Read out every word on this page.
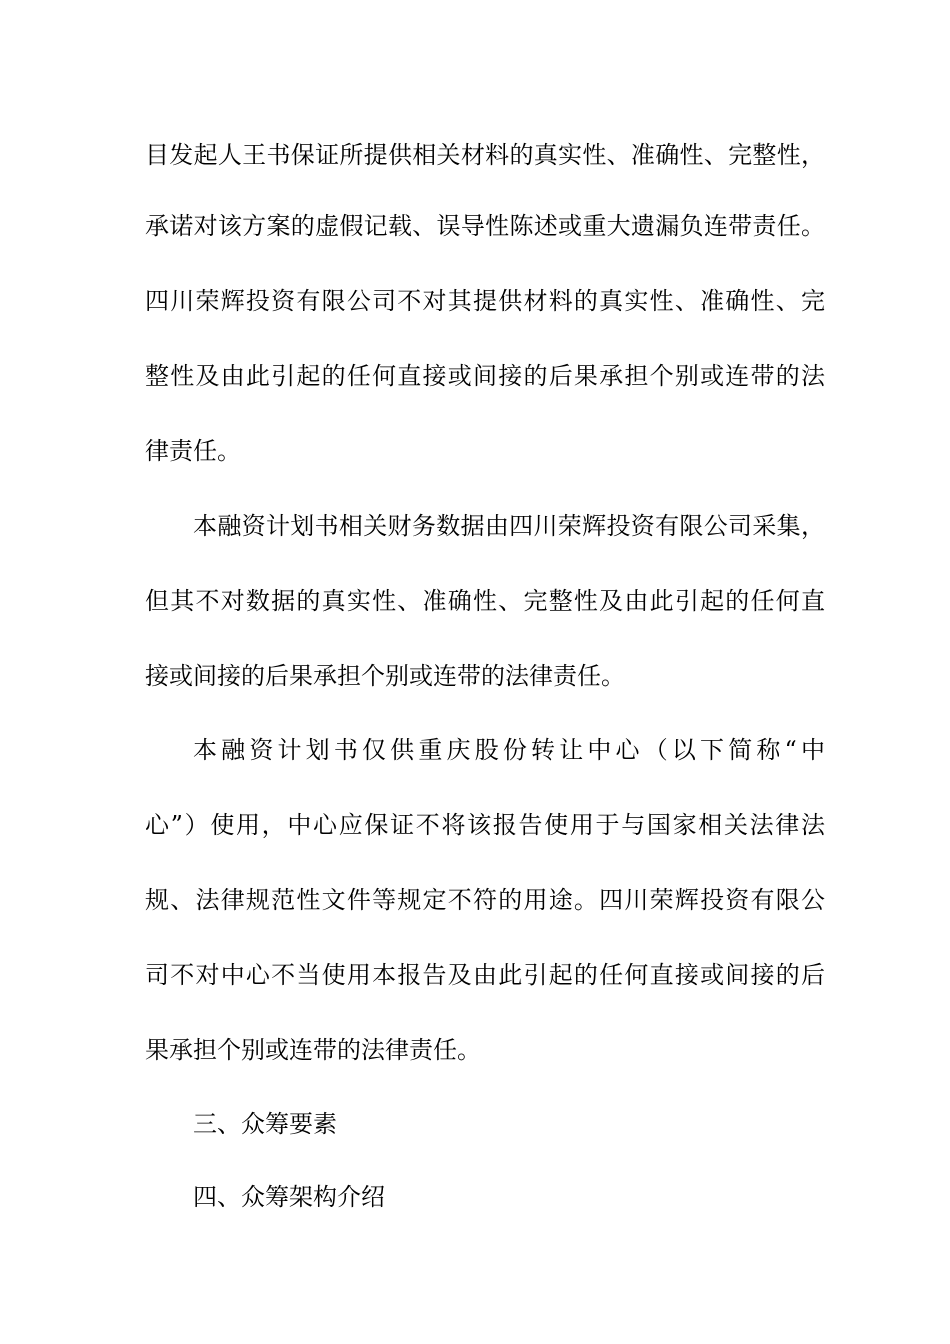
目发起人王书保证所提供相关材料的真实性、准确性、完整性，
承诺对该方案的虚假记载、误导性陈述或重大遗漏负连带责任。
四川荣辉投资有限公司不对其提供材料的真实性、准确性、完
整性及由此引起的任何直接或间接的后果承担个别或连带的法
律责任。
本融资计划书相关财务数据由四川荣辉投资有限公司采集，
但其不对数据的真实性、准确性、完整性及由此引起的任何直
接或间接的后果承担个别或连带的法律责任。
本融资计划书仅供重庆股份转让中心（以下简称“中
心”）使用，中心应保证不将该报告使用于与国家相关法律法
规、法律规范性文件等规定不符的用途。四川荣辉投资有限公
司不对中心不当使用本报告及由此引起的任何直接或间接的后
果承担个别或连带的法律责任。
三、众筹要素
四、众筹架构介绍
